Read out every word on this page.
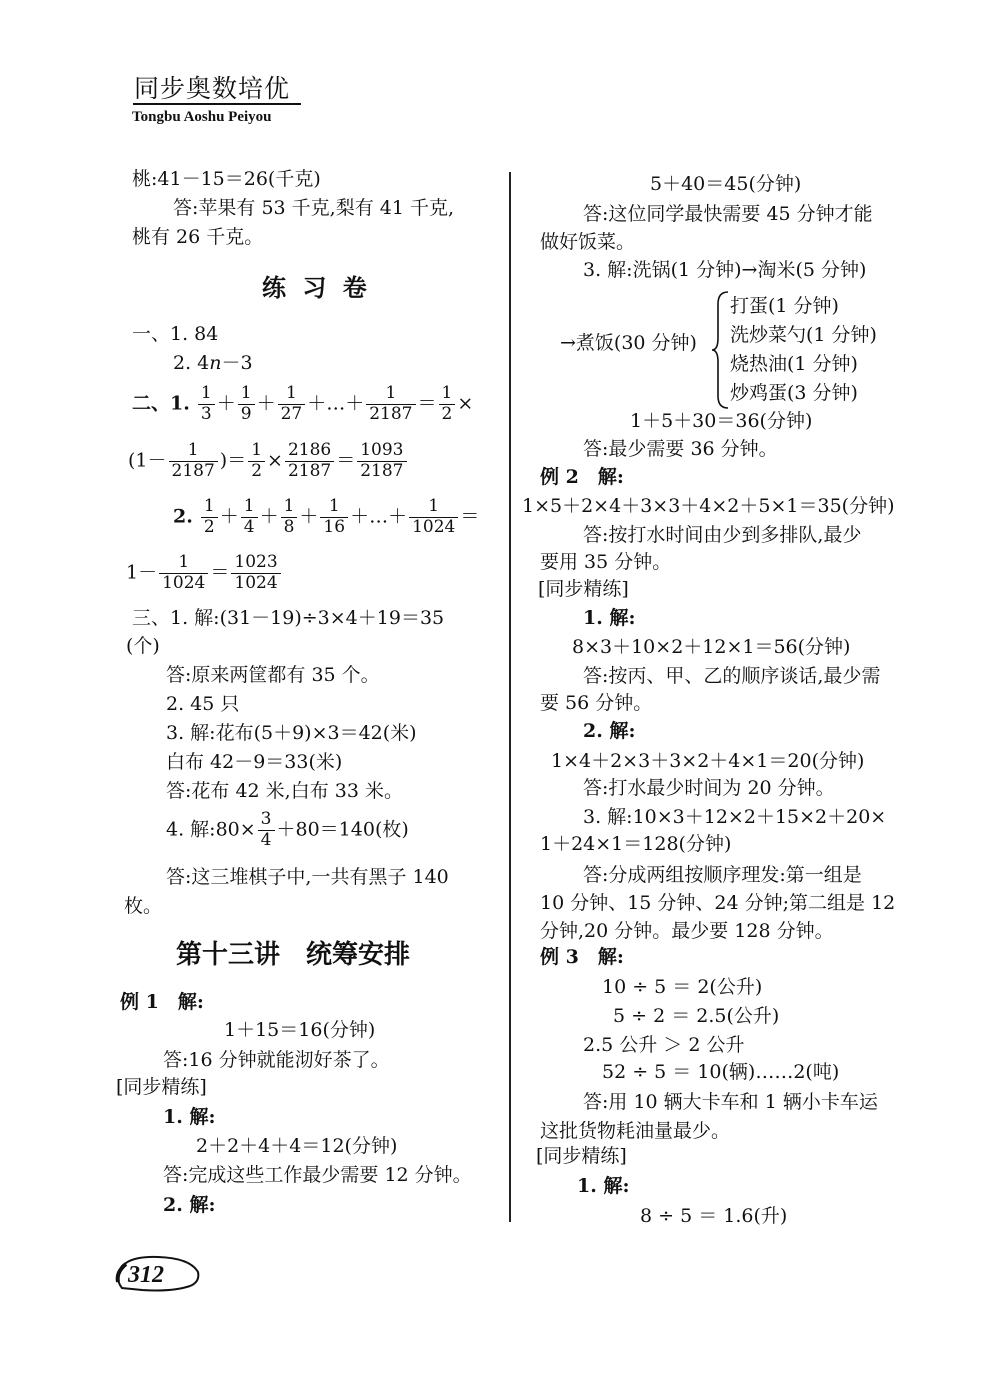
同步奥数培优
Tongbu Aoshu Peiyou
桃:41－15＝26(千克)
答:苹果有 53 千克,梨有 41 千克,
桃有 26 千克。
练 习 卷
一、1. 84
2. 4n－3
二、1. $\frac{1}{3} + \frac{1}{9} + \frac{1}{27}$ ＋…＋ $\frac{1}{2187} = \frac{1}{2}$ ×
($1- \frac{1}{2187}$ )＝ $\frac{1}{2} \times \frac{2186}{2187} = \frac{1093}{2187}$
2. $\frac{1}{2} + \frac{1}{4} + \frac{1}{8} + \frac{1}{16}$ ＋…＋ $\frac{1}{1024}$ ＝
$1- \frac{1}{1024} = \frac{1023}{1024}$
三、1. 解:(31－19)÷3×4＋19＝35
(个)
答:原来两筐都有 35 个。
2. 45 只
3. 解:花布(5＋9)×3＝42(米)
白布 42－9＝33(米)
答:花布 42 米,白布 33 米。
4. 解:80× $\frac{3}{4} +80=140$(枚)
答:这三堆棋子中,一共有黑子 140
枚。
第十三讲　统筹安排
例 1　解:
1＋15＝16(分钟)
答:16 分钟就能沏好茶了。
[同步精练]
1. 解:
2＋2＋4＋4＝12(分钟)
答:完成这些工作最少需要 12 分钟。
2. 解:
5＋40＝45(分钟)
答:这位同学最快需要 45 分钟才能
做好饭菜。
3. 解:洗锅(1 分钟)→淘米(5 分钟)
→煮饭(30 分钟)
打蛋(1 分钟)
洗炒菜勺(1 分钟)
烧热油(1 分钟)
炒鸡蛋(3 分钟)
1＋5＋30＝36(分钟)
答:最少需要 36 分钟。
例 2　解:
1×5＋2×4＋3×3＋4×2＋5×1＝35(分钟)
答:按打水时间由少到多排队,最少
要用 35 分钟。
[同步精练]
1. 解:
8×3＋10×2＋12×1＝56(分钟)
答:按丙、甲、乙的顺序谈话,最少需
要 56 分钟。
2. 解:
1×4＋2×3＋3×2＋4×1＝20(分钟)
答:打水最少时间为 20 分钟。
3. 解:10×3＋12×2＋15×2＋20×
1＋24×1＝128(分钟)
答:分成两组按顺序理发:第一组是
10 分钟、15 分钟、24 分钟;第二组是 12
分钟,20 分钟。最少要 128 分钟。
例 3　解:
10 ÷ 5 ＝ 2(公升)
5 ÷ 2 ＝ 2.5(公升)
2.5 公升 ＞ 2 公升
52 ÷ 5 ＝ 10(辆)……2(吨)
答:用 10 辆大卡车和 1 辆小卡车运
这批货物耗油量最少。
[同步精练]
1. 解:
8 ÷ 5 ＝ 1.6(升)
312
